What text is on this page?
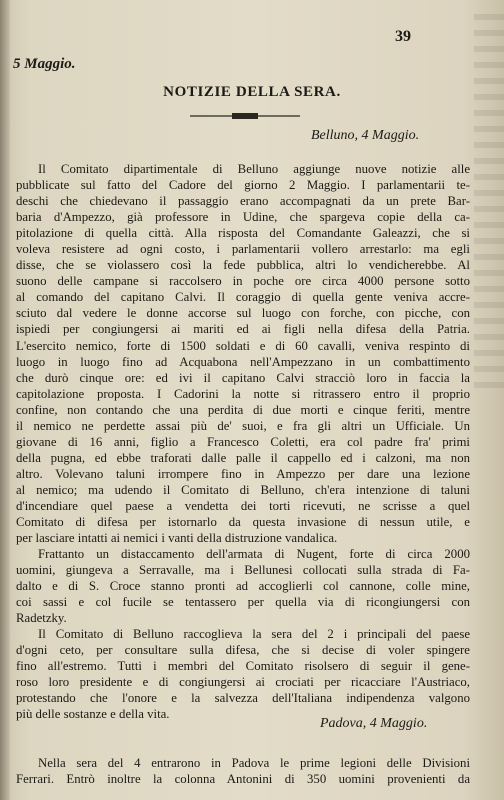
39
5 Maggio.
NOTIZIE DELLA SERA.
Belluno, 4 Maggio.
Il Comitato dipartimentale di Belluno aggiunge nuove notizie alle
pubblicate sul fatto del Cadore del giorno 2 Maggio. I parlamentarii te-
deschi che chiedevano il passaggio erano accompagnati da un prete Bar-
baria d'Ampezzo, già professore in Udine, che spargeva copie della ca-
pitolazione di quella città. Alla risposta del Comandante Galeazzi, che si
voleva resistere ad ogni costo, i parlamentarii vollero arrestarlo: ma egli
disse, che se violassero così la fede pubblica, altri lo vendicherebbe. Al
suono delle campane si raccolsero in poche ore circa 4000 persone sotto
al comando del capitano Calvi. Il coraggio di quella gente veniva accre-
sciuto dal vedere le donne accorse sul luogo con forche, con picche, con
ispiedi per congiungersi ai mariti ed ai figli nella difesa della Patria.
L'esercito nemico, forte di 1500 soldati e di 60 cavalli, veniva respinto di
luogo in luogo fino ad Acquabona nell'Ampezzano in un combattimento
che durò cinque ore: ed ivi il capitano Calvi stracciò loro in faccia la
capitolazione proposta. I Cadorini la notte si ritrassero entro il proprio
confine, non contando che una perdita di due morti e cinque feriti, mentre
il nemico ne perdette assai più de' suoi, e fra gli altri un Ufficiale. Un
giovane di 16 anni, figlio a Francesco Coletti, era col padre fra' primi
della pugna, ed ebbe traforati dalle palle il cappello ed i calzoni, ma non
altro. Volevano taluni irrompere fino in Ampezzo per dare una lezione
al nemico; ma udendo il Comitato di Belluno, ch'era intenzione di taluni
d'incendiare quel paese a vendetta dei torti ricevuti, ne scrisse a quel
Comitato di difesa per istornarlo da questa invasione di nessun utile, e
per lasciare intatti ai nemici i vanti della distruzione vandalica.
Frattanto un distaccamento dell'armata di Nugent, forte di circa 2000
uomini, giungeva a Serravalle, ma i Bellunesi collocati sulla strada di Fa-
dalto e di S. Croce stanno pronti ad accoglierli col cannone, colle mine,
coi sassi e col fucile se tentassero per quella via di ricongiungersi con
Radetzky.
Il Comitato di Belluno raccoglieva la sera del 2 i principali del paese
d'ogni ceto, per consultare sulla difesa, che si decise di voler spingere
fino all'estremo. Tutti i membri del Comitato risolsero di seguir il gene-
roso loro presidente e di congiungersi ai crociati per ricacciare l'Austriaco,
protestando che l'onore e la salvezza dell'Italiana indipendenza valgono
più delle sostanze e della vita.
Padova, 4 Maggio.
Nella sera del 4 entrarono in Padova le prime legioni delle Divisioni
Ferrari. Entrò inoltre la colonna Antonini di 350 uomini provenienti da
